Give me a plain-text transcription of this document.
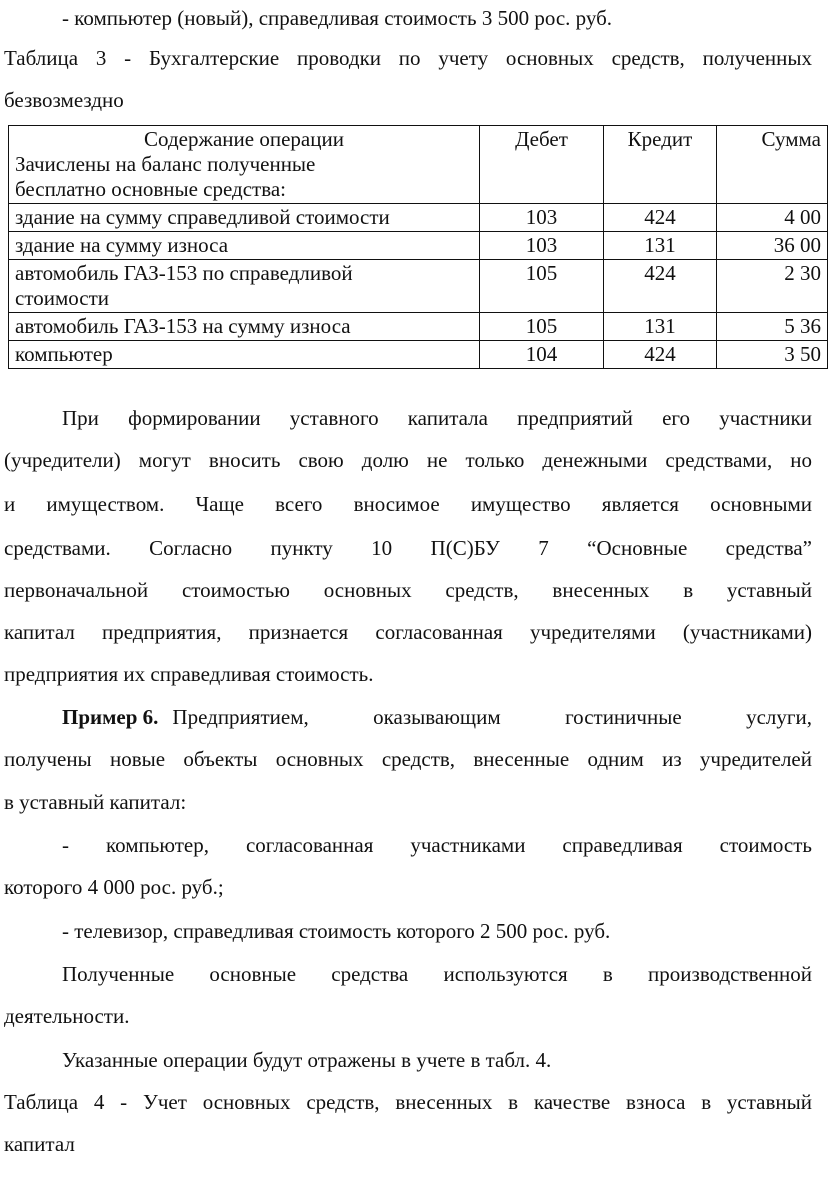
- компьютер (новый), справедливая стоимость 3 500 рос. руб.
Таблица 3 - Бухгалтерские проводки по учету основных средств, полученных
безвозмездно
Содержание операции
Зачислены на баланс полученные
бесплатно основные средства:	Дебет	Кредит	Сумма
здание на сумму справедливой стоимости	103	424	4 00
здание на сумму износа	103	131	36 00

автомобиль ГАЗ-153 по справедливой
стоимости	105	424	2 30
автомобиль ГАЗ-153 на сумму износа	105	131	5 36
компьютер	104	424	3 50
При формировании уставного капитала предприятий его участники
(учредители) могут вносить свою долю не только денежными средствами, но
и имуществом. Чаще всего вносимое имущество является основными
средствами. Согласно пункту 10 П(С)БУ 7 “Основные средства”
первоначальной стоимостью основных средств, внесенных в уставный
капитал предприятия, признается согласованная учредителями (участниками)
предприятия их справедливая стоимость.
Пример 6. Предприятием, оказывающим гостиничные услуги,
получены новые объекты основных средств, внесенные одним из учредителей
в уставный капитал:
- компьютер, согласованная участниками справедливая стоимость
которого 4 000 рос. руб.;
- телевизор, справедливая стоимость которого 2 500 рос. руб.
Полученные основные средства используются в производственной
деятельности.
Указанные операции будут отражены в учете в табл. 4.
Таблица 4 - Учет основных средств, внесенных в качестве взноса в уставный
капитал
